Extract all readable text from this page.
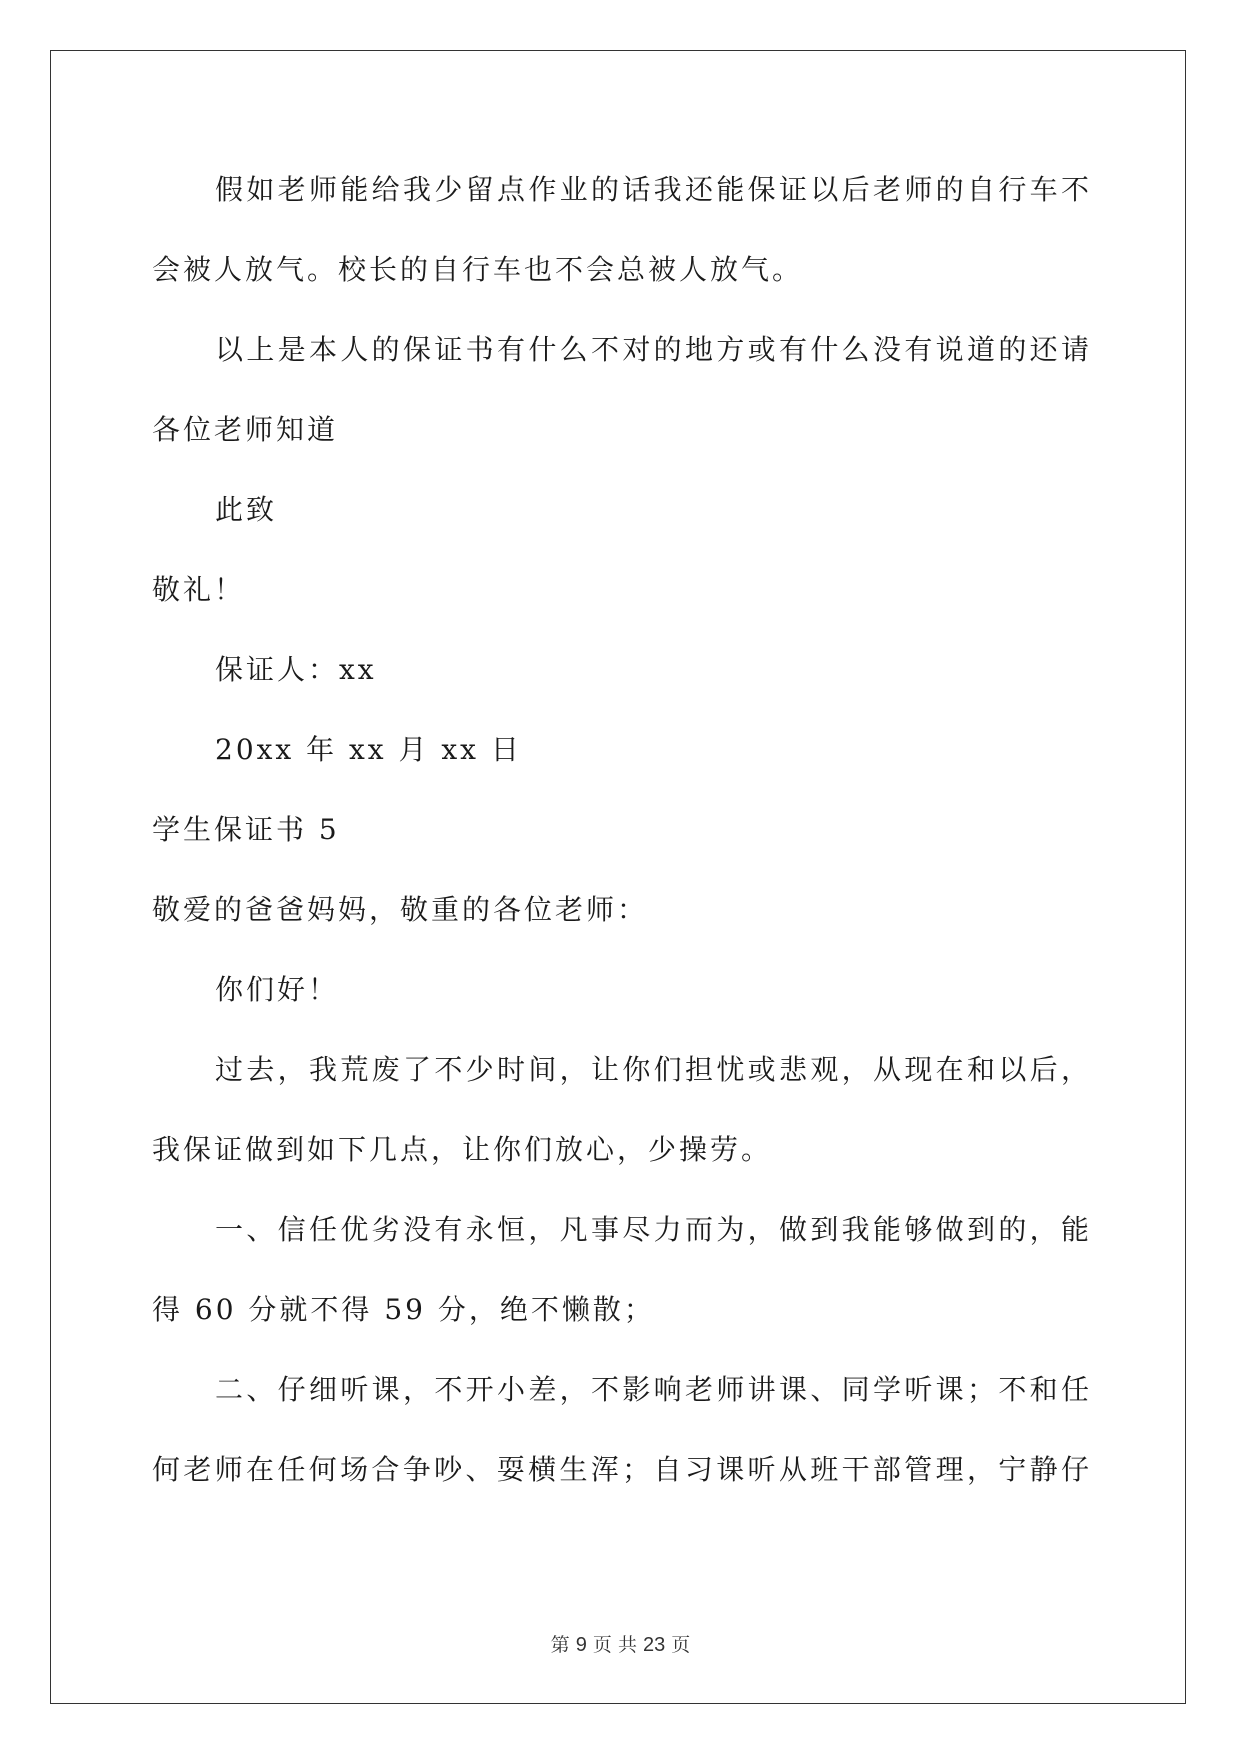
假如老师能给我少留点作业的话我还能保证以后老师的自行车不
会被人放气。校长的自行车也不会总被人放气。
以上是本人的保证书有什么不对的地方或有什么没有说道的还请
各位老师知道
此致
敬礼！
保证人：xx
20xx 年 xx 月 xx 日
学生保证书 5
敬爱的爸爸妈妈，敬重的各位老师：
你们好！
过去，我荒废了不少时间，让你们担忧或悲观，从现在和以后，
我保证做到如下几点，让你们放心，少操劳。
一、信任优劣没有永恒，凡事尽力而为，做到我能够做到的，能
得 60 分就不得 59 分，绝不懒散；
二、仔细听课，不开小差，不影响老师讲课、同学听课；不和任
何老师在任何场合争吵、耍横生浑；自习课听从班干部管理，宁静仔
第 9 页 共 23 页
